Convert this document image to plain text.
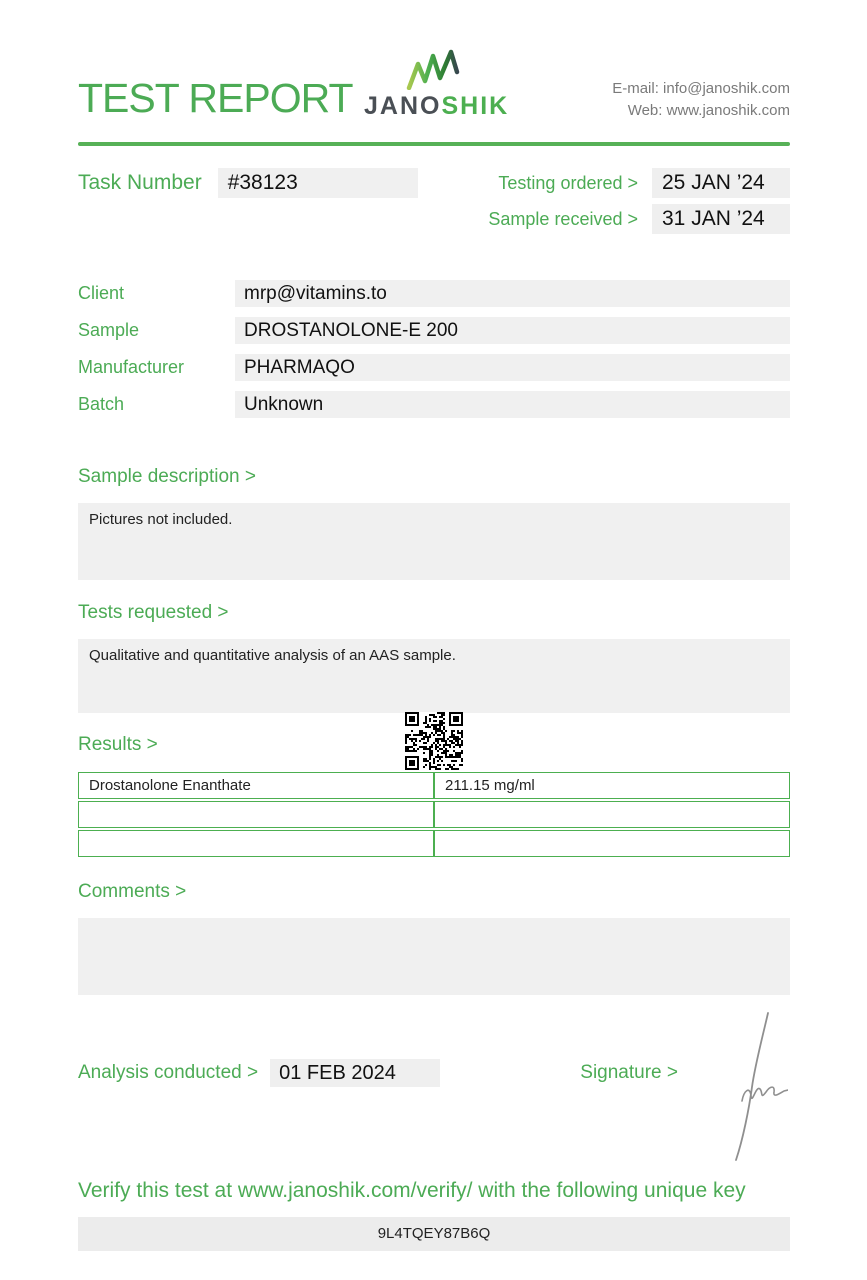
TEST REPORT JANOSHIK
E-mail: info@janoshik.com
Web: www.janoshik.com
Task Number	#38123	Testing ordered >	25 JAN ’24
Sample received >	31 JAN ’24
Client	mrp@vitamins.to
Sample	DROSTANOLONE-E 200
Manufacturer	PHARMAQO
Batch	Unknown
Sample description >
Pictures not included.
Tests requested >
Qualitative and quantitative analysis of an AAS sample.
Results >
Drostanolone Enanthate	211.15 mg/ml

Comments >
Analysis conducted >	01 FEB 2024	Signature >
Verify this test at www.janoshik.com/verify/ with the following unique key
9L4TQEY87B6Q
